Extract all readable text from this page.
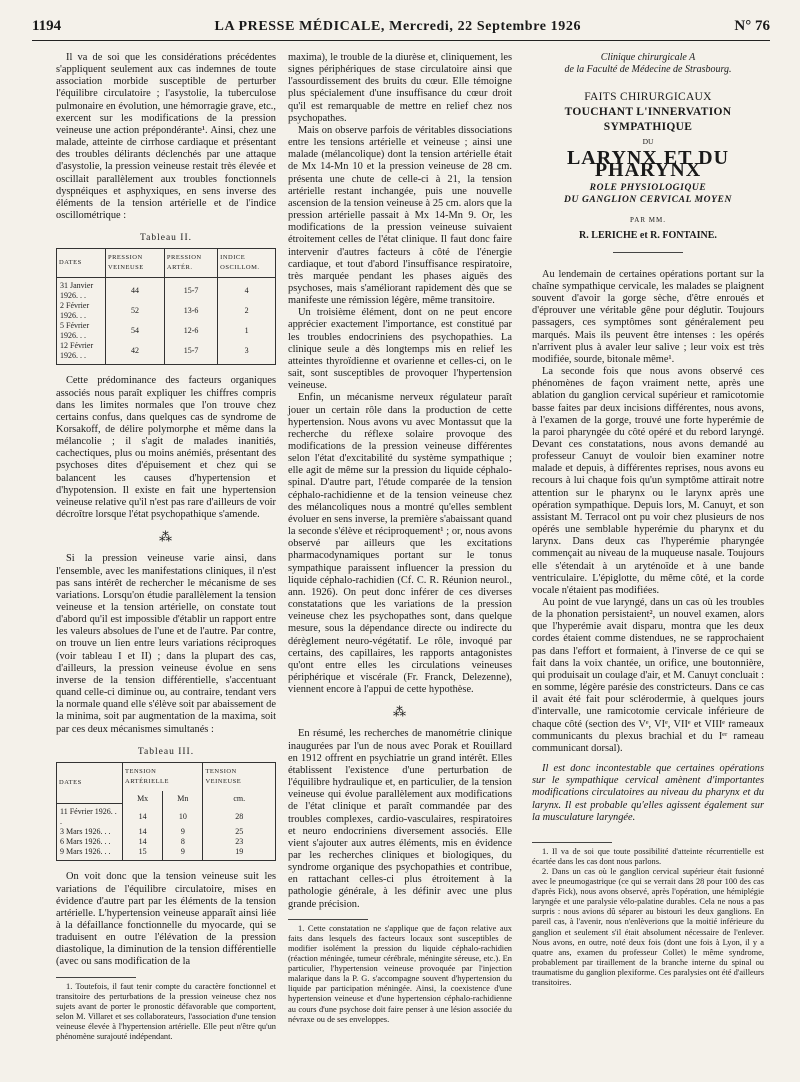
1194	LA PRESSE MÉDICALE, Mercredi, 22 Septembre 1926	N° 76

Il va de soi que les considérations précédentes s'appliquent seulement aux cas indemnes de toute association morbide susceptible de perturber l'équilibre circulatoire ; l'asystolie, la tuberculose pulmonaire en évolution, une hémorragie grave, etc., exercent sur les modifications de la pression veineuse une action prépondérante¹. Ainsi, chez une malade, atteinte de cirrhose cardiaque et présentant des troubles délirants déclenchés par une attaque d'asystolie, la pression veineuse restait très élevée et oscillait parallèlement aux troubles fonctionnels dyspnéiques et asphyxiques, en sens inverse des éléments de la tension artérielle et de l'indice oscillométrique :

Tableau II.
DATES	PRESSION VEINEUSE	PRESSION ARTÉR.	INDICE OSCILLOM.
31 Janvier 1926. . .	44	15-7	4
2 Février 1926. . .	52	13-6	2
5 Février 1926. . .	54	12-6	1
12 Février 1926. . .	42	15-7	3

Cette prédominance des facteurs organiques associés nous paraît expliquer les chiffres compris dans les limites normales que l'on trouve chez certains confus, dans quelques cas de syndrome de Korsakoff, de délire polymorphe et même dans la mélancolie ; il s'agit de malades inanitiés, cachectiques, plus ou moins anémiés, présentant des psychoses dites d'épuisement et chez qui se balancent les causes d'hypertension et d'hypotension. Il existe en fait une hypertension veineuse relative qu'il n'est pas rare d'ailleurs de voir décroître lorsque l'état psychopathique s'amende.

⁂

Si la pression veineuse varie ainsi, dans l'ensemble, avec les manifestations cliniques, il n'est pas sans intérêt de rechercher le mécanisme de ses variations. Lorsqu'on étudie parallèlement la tension veineuse et la tension artérielle, on constate tout d'abord qu'il est impossible d'établir un rapport entre les valeurs absolues de l'une et de l'autre. Par contre, on trouve un lien entre leurs variations réciproques (voir tableau I et II) ; dans la plupart des cas, d'ailleurs, la pression veineuse évolue en sens inverse de la tension différentielle, s'accentuant quand celle-ci diminue ou, au contraire, tendant vers la normale quand elle s'élève soit par abaissement de la minima, soit par augmentation de la maxima, soit par ces deux mécanismes simultanés :

Tableau III.
DATES	TENSION ARTÉRIELLE		TENSION VEINEUSE
	Mx	Mn	cm.
11 Février 1926. . .	14	10	28
3 Mars 1926. . .	14	9	25
6 Mars 1926. . .	14	8	23
9 Mars 1926. . .	15	9	19

On voit donc que la tension veineuse suit les variations de l'équilibre circulatoire, mises en évidence d'autre part par les éléments de la tension artérielle. L'hypertension veineuse apparaît ainsi liée à la défaillance fonctionnelle du myocarde, qui se traduisent en outre l'élévation de la pression diastolique, la diminution de la tension différentielle (avec ou sans modification de la

1. Toutefois, il faut tenir compte du caractère fonctionnel et transitoire des perturbations de la pression veineuse chez nos sujets avant de porter le pronostic défavorable que comportent, selon M. Villaret et ses collaborateurs, l'association d'une tension veineuse élevée à l'hypertension artérielle. Elle peut n'être qu'un phénomène surajouté indépendant.

maxima), le trouble de la diurèse et, cliniquement, les signes périphériques de stase circulatoire ainsi que l'assourdissement des bruits du cœur. Elle témoigne plus spécialement d'une insuffisance du cœur droit qu'il est remarquable de mettre en relief chez nos psychopathes.

Mais on observe parfois de véritables dissociations entre les tensions artérielle et veineuse ; ainsi une malade (mélancolique) dont la tension artérielle était de Mx 14-Mn 10 et la pression veineuse de 28 cm. présenta une chute de celle-ci à 21, la tension artérielle restant inchangée, puis une nouvelle ascension de la tension veineuse à 25 cm. alors que la pression artérielle passait à Mx 14-Mn 9. Or, les modifications de la pression veineuse suivaient étroitement celles de l'état clinique. Il faut donc faire intervenir d'autres facteurs à côté de l'énergie cardiaque, et tout d'abord l'insuffisance respiratoire, très marquée pendant les phases aiguës des psychoses, mais s'améliorant rapidement dès que se manifeste une rémission légère, même transitoire.

Un troisième élément, dont on ne peut encore apprécier exactement l'importance, est constitué par les troubles endocriniens des psychopathies. La clinique seule a dès longtemps mis en relief les atteintes thyroïdienne et ovarienne et celles-ci, on le sait, sont susceptibles de provoquer l'hypertension veineuse.

Enfin, un mécanisme nerveux régulateur paraît jouer un certain rôle dans la production de cette hypertension. Nous avons vu avec Montassut que la recherche du réflexe solaire provoque des modifications de la pression veineuse différentes selon l'état d'excitabilité du système sympathique ; elle agit de même sur la pression du liquide céphalo-spinal. D'autre part, l'étude comparée de la tension céphalo-rachidienne et de la tension veineuse chez des mélancoliques nous a montré qu'elles semblent évoluer en sens inverse, la première s'abaissant quand la seconde s'élève et réciproquement¹ ; or, nous avons observé par ailleurs que les excitations pharmacodynamiques portant sur le tonus sympathique paraissent influencer la pression du liquide céphalo-rachidien (Cf. C. R. Réunion neurol., ann. 1926). On peut donc inférer de ces diverses constatations que les variations de la pression veineuse chez les psychopathes sont, dans quelque mesure, sous la dépendance directe ou indirecte du dérèglement neuro-végétatif. Le rôle, invoqué par certains, des capillaires, les rapports antagonistes qu'ont entre elles les circulations veineuses périphérique et viscérale (Fr. Franck, Delezenne), viennent encore à l'appui de cette hypothèse.

⁂

En résumé, les recherches de manométrie clinique inaugurées par l'un de nous avec Porak et Rouillard en 1912 offrent en psychiatrie un grand intérêt. Elles établissent l'existence d'une perturbation de l'équilibre hydraulique et, en particulier, de la tension veineuse qui évolue parallèlement aux modifications de l'état clinique et paraît commandée par des troubles complexes, cardio-vasculaires, respiratoires et neuro endocriniens diversement associés. Elle vient s'ajouter aux autres éléments, mis en évidence par les recherches cliniques et biologiques, du syndrome organique des psychopathies et contribue, en rattachant celles-ci plus étroitement à la pathologie générale, à les définir avec une plus grande précision.

1. Cette constatation ne s'applique que de façon relative aux faits dans lesquels des facteurs locaux sont susceptibles de modifier isolément la pression du liquide céphalo-rachidien (réaction méningée, tumeur cérébrale, méningite séreuse, etc.). En particulier, l'hypertension veineuse provoquée par l'injection malarique dans la P. G. s'accompagne souvent d'hypertension du liquide par participation méningée. Ainsi, la coexistence d'une hypertension veineuse et d'une hypertension céphalo-rachidienne au cours d'une psychose doit faire penser à une lésion associée du névraxe ou de ses enveloppes.

Clinique chirurgicale A
de la Faculté de Médecine de Strasbourg.
FAITS CHIRURGICAUX
TOUCHANT L'INNERVATION SYMPATHIQUE
DU
LARYNX ET DU PHARYNX
ROLE PHYSIOLOGIQUE
DU GANGLION CERVICAL MOYEN
PAR MM.
R. LERICHE et R. FONTAINE.

Au lendemain de certaines opérations portant sur la chaîne sympathique cervicale, les malades se plaignent souvent d'avoir la gorge sèche, d'être enroués et d'éprouver une véritable gêne pour déglutir. Toujours passagers, ces symptômes sont généralement peu marqués. Mais ils peuvent être intenses : les opérés n'arrivent plus à avaler leur salive ; leur voix est très modifiée, sourde, bitonale même¹.

La seconde fois que nous avons observé ces phénomènes de façon vraiment nette, après une ablation du ganglion cervical supérieur et ramicotomie basse faites par deux incisions différentes, nous avons, à l'examen de la gorge, trouvé une forte hyperémie de la paroi pharyngée du côté opéré et du rebord laryngé. Devant ces constatations, nous avons demandé au professeur Canuyt de vouloir bien examiner notre malade et depuis, à différentes reprises, nous avons eu recours à lui chaque fois qu'un symptôme attirait notre attention sur le pharynx ou le larynx après une opération sympathique. Depuis lors, M. Canuyt, et son assistant M. Terracol ont pu voir chez plusieurs de nos opérés une semblable hyperémie du pharynx et du larynx. Dans deux cas l'hyperémie pharyngée commençait au niveau de la muqueuse nasale. Toujours elle s'étendait à un aryténoïde et à une bande ventriculaire. L'épiglotte, du même côté, et la corde vocale n'étaient pas modifiées.

Au point de vue laryngé, dans un cas où les troubles de la phonation persistaient², un nouvel examen, alors que l'hyperémie avait disparu, montra que les deux cordes étaient comme distendues, ne se rapprochaient pas dans l'effort et formaient, à l'inverse de ce qui se fait dans la voix chantée, un orifice, une boutonnière, qui produisait un coulage d'air, et M. Canuyt concluait : en somme, légère parésie des constricteurs. Dans ce cas il avait été fait pour sclérodermie, à quelques jours d'intervalle, une ramicotomie cervicale inférieure de chaque côté (section des Vᵉ, VIᵉ, VIIᵉ et VIIIᵉ rameaux communicants du plexus brachial et du Iᵉʳ rameau communicant dorsal).

Il est donc incontestable que certaines opérations sur le sympathique cervical amènent d'importantes modifications circulatoires au niveau du pharynx et du larynx. Il est probable qu'elles agissent également sur la musculature laryngée.

1. Il va de soi que toute possibilité d'atteinte récurrentielle est écartée dans les cas dont nous parlons.

2. Dans un cas où le ganglion cervical supérieur était fusionné avec le pneumogastrique (ce qui se verrait dans 28 pour 100 des cas d'après Fick), nous avons observé, après l'opération, une hémiplégie laryngée et une paralysie vélo-palatine durables. Cela ne nous a pas surpris : nous avions dû séparer au bistouri les deux ganglions. En pareil cas, à l'avenir, nous n'enlèverions que la moitié inférieure du ganglion et seulement s'il était absolument nécessaire de l'enlever. Nous avons, en outre, noté deux fois (dont une fois à Lyon, il y a quatre ans, examen du professeur Collet) le même syndrome, probablement par tiraillement de la branche interne du spinal ou traumatisme du ganglion plexiforme. Ces paralysies ont été d'ailleurs transitoires.
